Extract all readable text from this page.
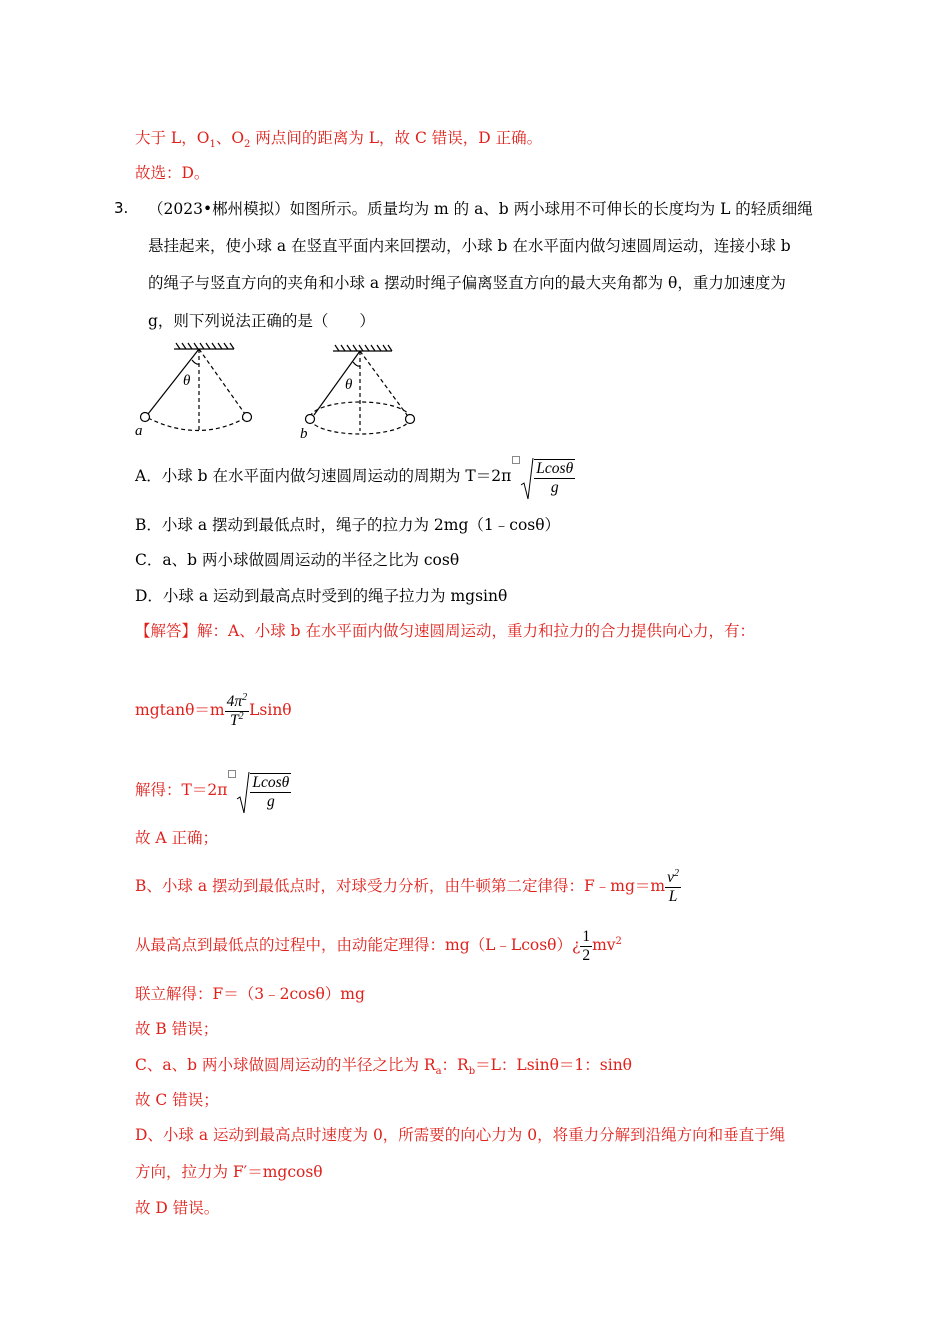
大于 L，$O_1$、$O_2$ 两点间的距离为 L，故 C 错误，D 正确。
故选：D。
3. （2023•郴州模拟）如图所示。质量均为 m 的 a、b 两小球用不可伸长的长度均为 L 的轻质细绳
悬挂起来，使小球 a 在竖直平面内来回摆动，小球 b 在水平面内做匀速圆周运动，连接小球 b
的绳子与竖直方向的夹角和小球 a 摆动时绳子偏离竖直方向的最大夹角都为 θ，重力加速度为
g，则下列说法正确的是（　　）
θ
a
θ
b
A．小球 b 在水平面内做匀速圆周运动的周期为 $T=2\pi \frac{Lcos\theta}{g}$
B．小球 a 摆动到最低点时，绳子的拉力为 2mg（1﹣cosθ）
C．a、b 两小球做圆周运动的半径之比为 cosθ
D．小球 a 运动到最高点时受到的绳子拉力为 mgsinθ
【解答】解：A、小球 b 在水平面内做匀速圆周运动，重力和拉力的合力提供向心力，有：
$mgtan\theta=m \frac{4\pi^2}{T^2}$ Lsinθ
解得：$T=2\pi \frac{Lcos\theta}{g}$
故 A 正确；
B、小球 a 摆动到最低点时，对球受力分析，由牛顿第二定律得：F﹣mg＝m $\frac{v^2}{L}$
从最高点到最低点的过程中，由动能定理得：mg（L﹣Lcosθ）¿ $\frac{1}{2} mv^2$
联立解得：F＝（3﹣2cosθ）mg
故 B 错误；
C、a、b 两小球做圆周运动的半径之比为 $R_a$：$R_b=L$：Lsinθ＝1：sinθ
故 C 错误；
D、小球 a 运动到最高点时速度为 0，所需要的向心力为 0，将重力分解到沿绳方向和垂直于绳
方向，拉力为 F′＝mgcosθ
故 D 错误。
